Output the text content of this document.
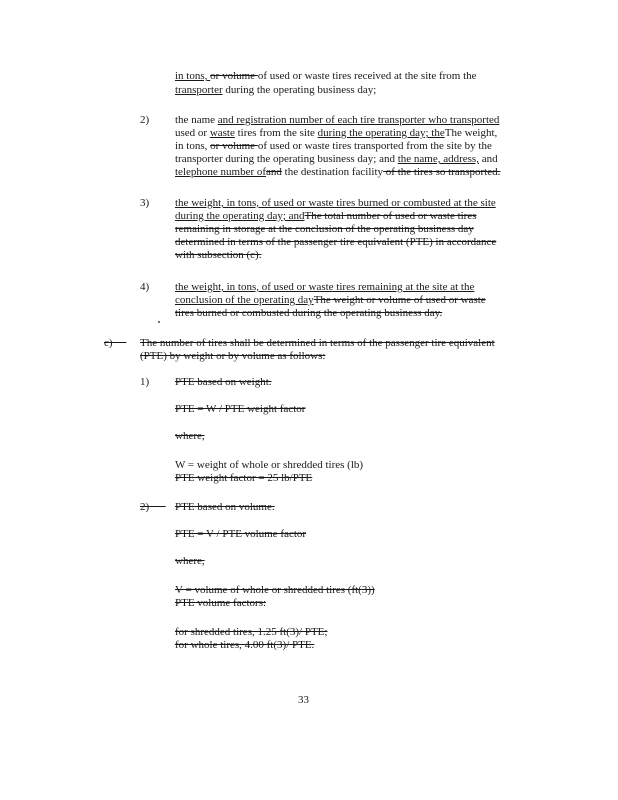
in tons, or volume of used or waste tires received at the site from the
transporter during the operating business day;
2) the name and registration number of each tire transporter who transported
used or waste tires from the site during the operating day; theThe weight,
in tons, or volume of used or waste tires transported from the site by the
transporter during the operating business day; and the name, address, and
telephone number ofand the destination facility of the tires so transported.
3) the weight, in tons, of used or waste tires burned or combusted at the site
during the operating day; andThe total number of used or waste tires
remaining in storage at the conclusion of the operating business day
determined in terms of the passenger tire equivalent (PTE) in accordance
with subsection (c).
4) the weight, in tons, of used or waste tires remaining at the site at the
conclusion of the operating dayThe weight or volume of used or waste
tires burned or combusted during the operating business day.
c)	The number of tires shall be determined in terms of the passenger tire equivalent
(PTE) by weight or by volume as follows:
1) PTE based on weight.
PTE = W / PTE weight factor
where,
W = weight of whole or shredded tires (lb)
PTE weight factor = 25 lb/PTE
2)	PTE based on volume.
PTE = V / PTE volume factor
where,
V = volume of whole or shredded tires (ft(3))
PTE volume factors:
for shredded tires, 1.25 ft(3)/ PTE;
for whole tires, 4.00 ft(3)/ PTE.
33
